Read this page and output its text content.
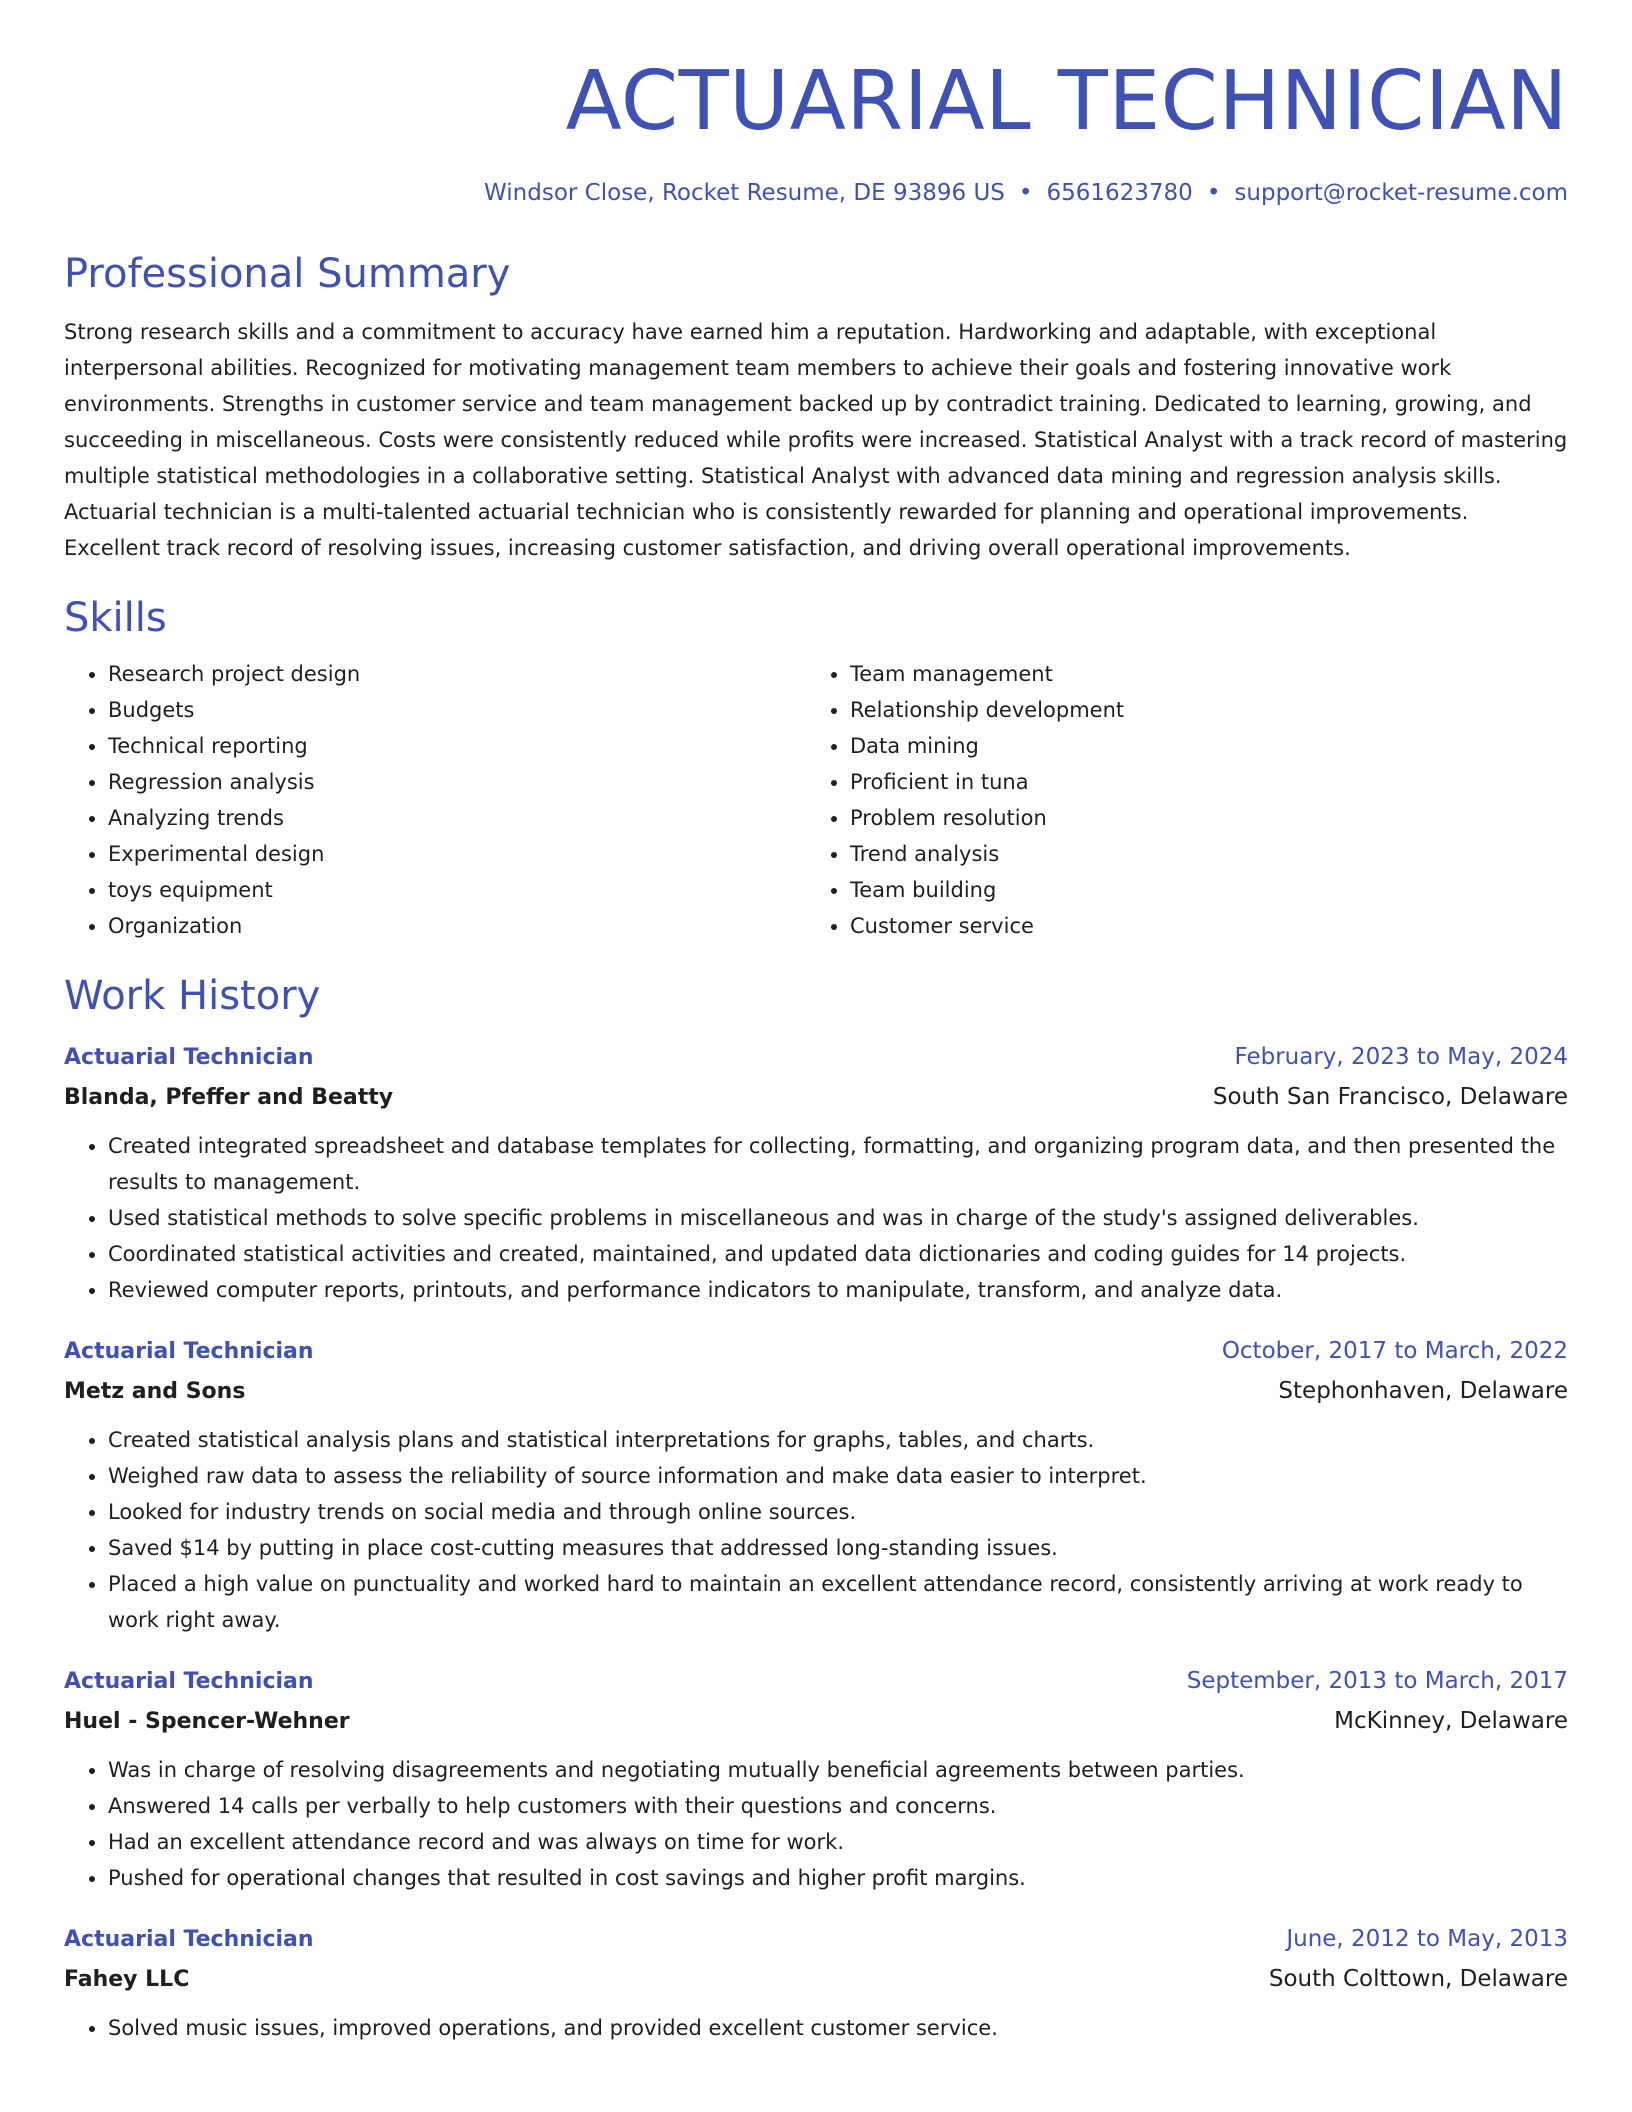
ACTUARIAL TECHNICIAN
Windsor Close, Rocket Resume, DE 93896 US • 6561623780 • support@rocket-resume.com
Professional Summary
Strong research skills and a commitment to accuracy have earned him a reputation. Hardworking and adaptable, with exceptional interpersonal abilities. Recognized for motivating management team members to achieve their goals and fostering innovative work environments. Strengths in customer service and team management backed up by contradict training. Dedicated to learning, growing, and succeeding in miscellaneous. Costs were consistently reduced while profits were increased. Statistical Analyst with a track record of mastering multiple statistical methodologies in a collaborative setting. Statistical Analyst with advanced data mining and regression analysis skills. Actuarial technician is a multi-talented actuarial technician who is consistently rewarded for planning and operational improvements. Excellent track record of resolving issues, increasing customer satisfaction, and driving overall operational improvements.
Skills
• Research project design
• Budgets
• Technical reporting
• Regression analysis
• Analyzing trends
• Experimental design
• toys equipment
• Organization
• Team management
• Relationship development
• Data mining
• Proficient in tuna
• Problem resolution
• Trend analysis
• Team building
• Customer service
Work History
Actuarial Technician	February, 2023 to May, 2024
Blanda, Pfeffer and Beatty	South San Francisco, Delaware
• Created integrated spreadsheet and database templates for collecting, formatting, and organizing program data, and then presented the results to management.
• Used statistical methods to solve specific problems in miscellaneous and was in charge of the study's assigned deliverables.
• Coordinated statistical activities and created, maintained, and updated data dictionaries and coding guides for 14 projects.
• Reviewed computer reports, printouts, and performance indicators to manipulate, transform, and analyze data.
Actuarial Technician	October, 2017 to March, 2022
Metz and Sons	Stephonhaven, Delaware
• Created statistical analysis plans and statistical interpretations for graphs, tables, and charts.
• Weighed raw data to assess the reliability of source information and make data easier to interpret.
• Looked for industry trends on social media and through online sources.
• Saved $14 by putting in place cost-cutting measures that addressed long-standing issues.
• Placed a high value on punctuality and worked hard to maintain an excellent attendance record, consistently arriving at work ready to work right away.
Actuarial Technician	September, 2013 to March, 2017
Huel - Spencer-Wehner	McKinney, Delaware
• Was in charge of resolving disagreements and negotiating mutually beneficial agreements between parties.
• Answered 14 calls per verbally to help customers with their questions and concerns.
• Had an excellent attendance record and was always on time for work.
• Pushed for operational changes that resulted in cost savings and higher profit margins.
Actuarial Technician	June, 2012 to May, 2013
Fahey LLC	South Colttown, Delaware
• Solved music issues, improved operations, and provided excellent customer service.
